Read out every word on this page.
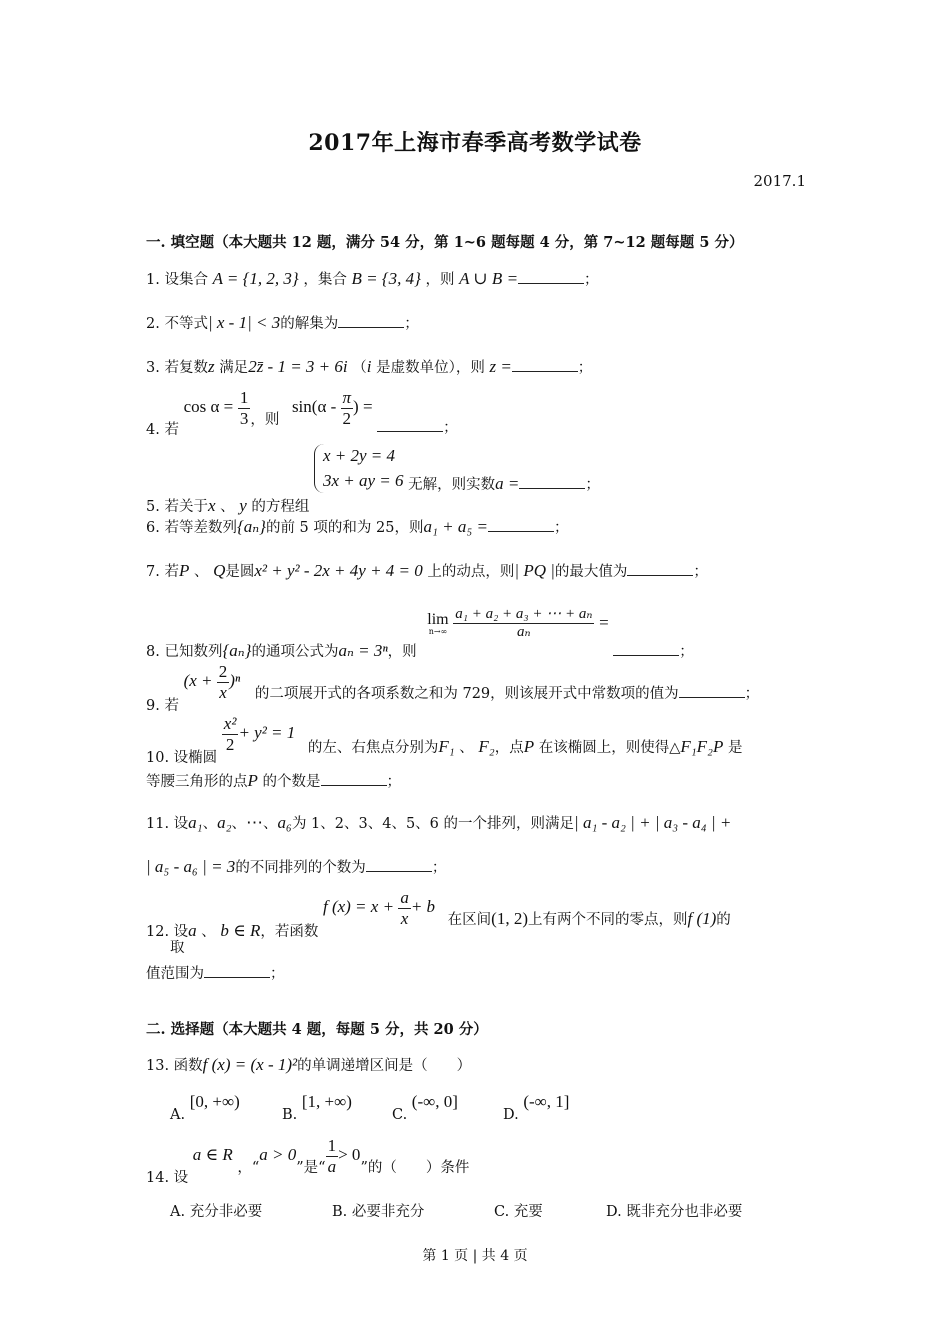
2017年上海市春季高考数学试卷
2017.1
一. 填空题（本大题共 12 题，满分 54 分，第 1~6 题每题 4 分，第 7~12 题每题 5 分）
1. 设集合 A = {1, 2, 3} ，集合 B = {3, 4} ，则 A ∪ B =	；
2. 不等式| x - 1| < 3的解集为	；
3. 若复数z 满足2z̄ - 1 = 3 + 6i （i 是虚数单位），则 z =	；
4. 若 $\cos \alpha = \frac{1}{3}$ ，则 $\sin(\alpha - \frac{\pi}{2}$ ) = ；
5. 若关于x 、 y 的方程组
x + 2y = 4
3x + ay = 6 无解，则实数a =	；
6. 若等差数列{aₙ}的前 5 项的和为 25，则a₁ + a₅ =	；
7. 若P 、 Q是圆x² + y² - 2x + 4y + 4 = 0 上的动点，则| PQ |的最大值为	；
8. 已知数列{aₙ}的通项公式为aₙ = 3ⁿ，则
lim
n→∞
$\frac{\text{a₁ + a₂ + a₃ + ⋯ + aₙ}}{\text{aₙ}}$ = ；
9. 若 $(x + \frac{2}{x} )^n$ 的二项展开式的各项系数之和为 729，则该展开式中常数项的值为	；
10. 设椭圆
$\frac{\text{x²}}{2} + y^2 = 1$ 的左、右焦点分别为F₁ 、 F₂，点P 在该椭圆上，则使得△F₁F₂P 是
等腰三角形的点P 的个数是	；
11. 设a₁、a₂、⋯、a₆为 1、2、3、4、5、6 的一个排列，则满足| a₁ - a₂ | + | a₃ - a₄ | +
| a₅ - a₆ | = 3的不同排列的个数为	；
12. 设a 、 b ∈ R，若函数 f $(x) = x + \frac{a}{x} + b$ 在区间(1, 2)上有两个不同的零点，则f (1)的
取
值范围为	；
二. 选择题（本大题共 4 题，每题 5 分，共 20 分）
13. 函数f (x) = (x - 1)²的单调递增区间是（　　）
A. [0, +∞)
B. [1, +∞)
C. (-∞, 0]
D. (-∞, 1]
14. 设 a ∈ R ，“a > 0”是“ $\frac{1}{a} > 0$”的（　　）条件
A. 充分非必要	B. 必要非充分	C. 充要	D. 既非充分也非必要
第 1 页 | 共 4 页
